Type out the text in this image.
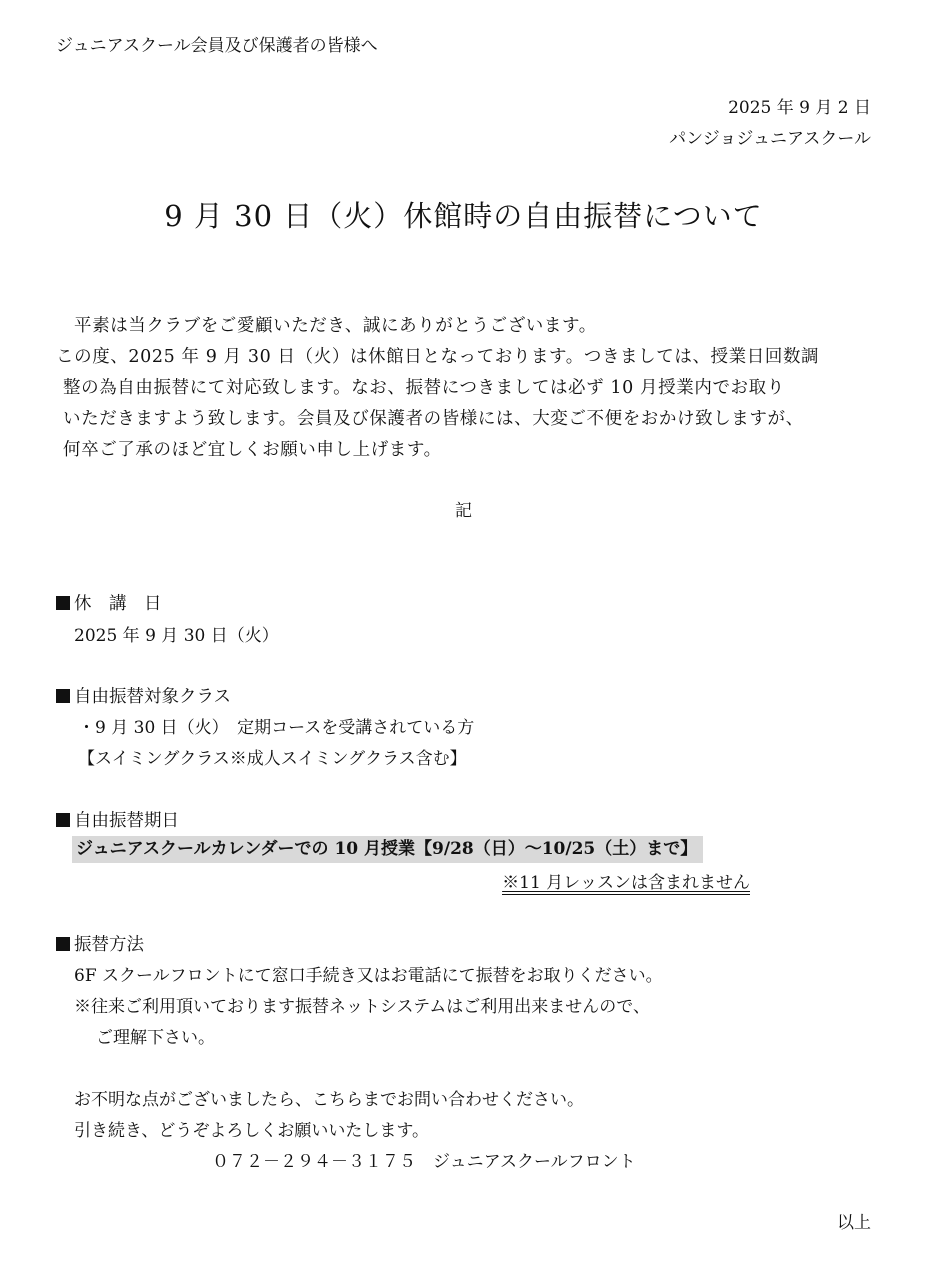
ジュニアスクール会員及び保護者の皆様へ
2025 年 9 月 2 日
パンジョジュニアスクール
9 月 30 日（火）休館時の自由振替について
平素は当クラブをご愛顧いただき、誠にありがとうございます。
この度、2025 年 9 月 30 日（火）は休館日となっております。つきましては、授業日回数調
整の為自由振替にて対応致します。なお、振替につきましては必ず 10 月授業内でお取り
いただきますよう致します。会員及び保護者の皆様には、大変ご不便をおかけ致しますが、
何卒ご了承のほど宜しくお願い申し上げます。
記
休　講　日
2025 年 9 月 30 日（火）
自由振替対象クラス
・9 月 30 日（火）　定期コースを受講されている方
【スイミングクラス※成人スイミングクラス含む】
自由振替期日
ジュニアスクールカレンダーでの 10 月授業【9/28（日）～10/25（土）まで】
※11 月レッスンは含まれません
振替方法
6F スクールフロントにて窓口手続き又はお電話にて振替をお取りください。
※往来ご利用頂いております振替ネットシステムはご利用出来ませんので、
ご理解下さい。
お不明な点がございましたら、こちらまでお問い合わせください。
引き続き、どうぞよろしくお願いいたします。
０７２－２９４－３１７５　ジュニアスクールフロント
以上
